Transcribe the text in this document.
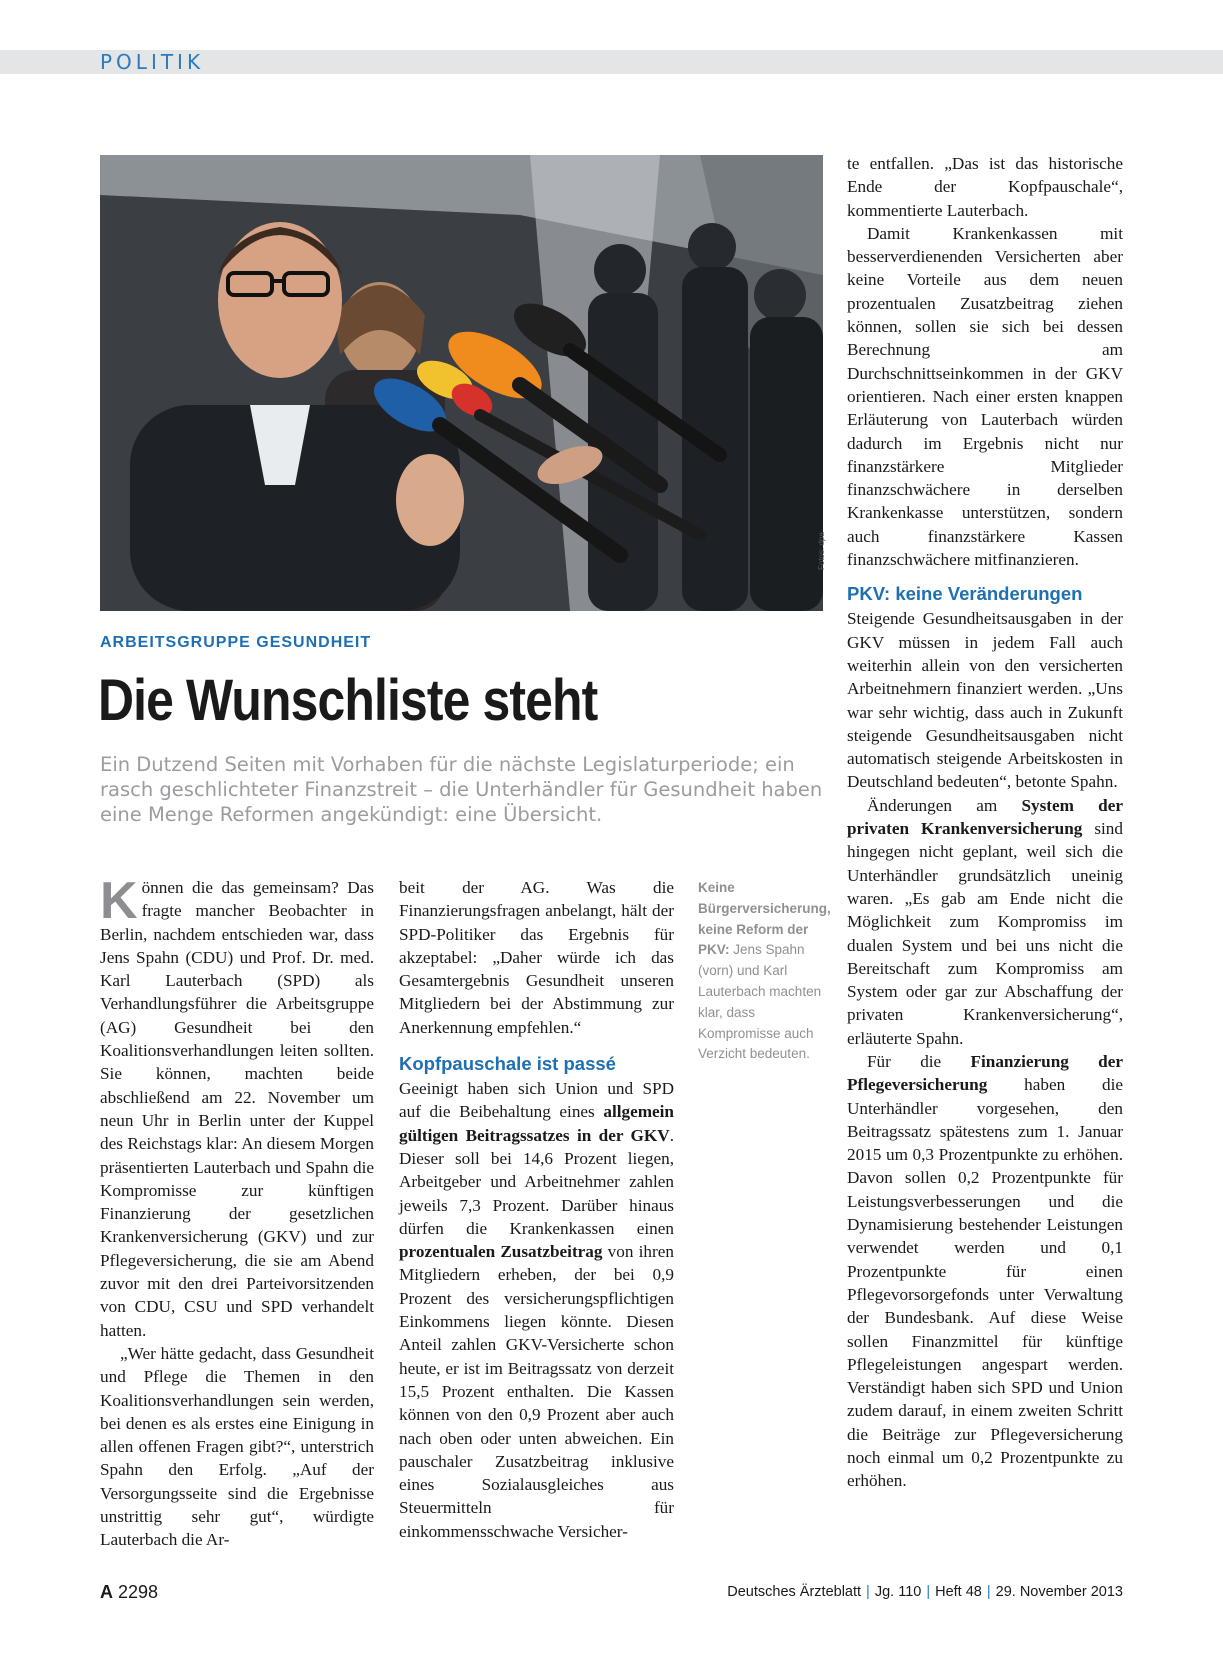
POLITIK
Fotos: dpa
ARBEITSGRUPPE GESUNDHEIT
Die Wunschliste steht
Ein Dutzend Seiten mit Vorhaben für die nächste Legislaturperiode; ein rasch geschlichteter Finanzstreit – die Unterhändler für Gesundheit haben eine Menge Reformen angekündigt: eine Übersicht.

Können die das gemeinsam? Das fragte mancher Beobachter in Berlin, nachdem entschieden war, dass Jens Spahn (CDU) und Prof. Dr. med. Karl Lauterbach (SPD) als Verhandlungsführer die Arbeitsgruppe (AG) Gesundheit bei den Koalitionsverhandlungen leiten sollten. Sie können, machten beide abschließend am 22. November um neun Uhr in Berlin unter der Kuppel des Reichstags klar: An diesem Morgen präsentierten Lauterbach und Spahn die Kompromisse zur künftigen Finanzierung der gesetzlichen Krankenversicherung (GKV) und zur Pflegeversicherung, die sie am Abend zuvor mit den drei Parteivorsitzenden von CDU, CSU und SPD verhandelt hatten.

„Wer hätte gedacht, dass Gesundheit und Pflege die Themen in den Koalitionsverhandlungen sein werden, bei denen es als erstes eine Einigung in allen offenen Fragen gibt?“, unterstrich Spahn den Erfolg. „Auf der Versorgungsseite sind die Ergebnisse unstrittig sehr gut“, würdigte Lauterbach die Ar-

beit der AG. Was die Finanzierungsfragen anbelangt, hält der SPD-Politiker das Ergebnis für akzeptabel: „Daher würde ich das Gesamtergebnis Gesundheit unseren Mitgliedern bei der Abstimmung zur Anerkennung empfehlen.“

Kopfpauschale ist passé

Geeinigt haben sich Union und SPD auf die Beibehaltung eines allgemein gültigen Beitragssatzes in der GKV. Dieser soll bei 14,6 Prozent liegen, Arbeitgeber und Arbeitnehmer zahlen jeweils 7,3 Prozent. Darüber hinaus dürfen die Krankenkassen einen prozentualen Zusatzbeitrag von ihren Mitgliedern erheben, der bei 0,9 Prozent des versicherungspflichtigen Einkommens liegen könnte. Diesen Anteil zahlen GKV-Versicherte schon heute, er ist im Beitragssatz von derzeit 15,5 Prozent enthalten. Die Kassen können von den 0,9 Prozent aber auch nach oben oder unten abweichen. Ein pauschaler Zusatzbeitrag inklusive eines Sozialausgleiches aus Steuermitteln für einkommensschwache Versicher-

Keine Bürgerversicherung, keine Reform der PKV: Jens Spahn (vorn) und Karl Lauterbach machten klar, dass Kompromisse auch Verzicht bedeuten.

te entfallen. „Das ist das historische Ende der Kopfpauschale“, kommentierte Lauterbach.

Damit Krankenkassen mit besserverdienenden Versicherten aber keine Vorteile aus dem neuen prozentualen Zusatzbeitrag ziehen können, sollen sie sich bei dessen Berechnung am Durchschnittseinkommen in der GKV orientieren. Nach einer ersten knappen Erläuterung von Lauterbach würden dadurch im Ergebnis nicht nur finanzstärkere Mitglieder finanzschwächere in derselben Krankenkasse unterstützen, sondern auch finanzstärkere Kassen finanzschwächere mitfinanzieren.

PKV: keine Veränderungen

Steigende Gesundheitsausgaben in der GKV müssen in jedem Fall auch weiterhin allein von den versicherten Arbeitnehmern finanziert werden. „Uns war sehr wichtig, dass auch in Zukunft steigende Gesundheitsausgaben nicht automatisch steigende Arbeitskosten in Deutschland bedeuten“, betonte Spahn.

Änderungen am System der privaten Krankenversicherung sind hingegen nicht geplant, weil sich die Unterhändler grundsätzlich uneinig waren. „Es gab am Ende nicht die Möglichkeit zum Kompromiss im dualen System und bei uns nicht die Bereitschaft zum Kompromiss am System oder gar zur Abschaffung der privaten Krankenversicherung“, erläuterte Spahn.

Für die Finanzierung der Pflegeversicherung haben die Unterhändler vorgesehen, den Beitragssatz spätestens zum 1. Januar 2015 um 0,3 Prozentpunkte zu erhöhen. Davon sollen 0,2 Prozentpunkte für Leistungsverbesserungen und die Dynamisierung bestehender Leistungen verwendet werden und 0,1 Prozentpunkte für einen Pflegevorsorgefonds unter Verwaltung der Bundesbank. Auf diese Weise sollen Finanzmittel für künftige Pflegeleistungen angespart werden. Verständigt haben sich SPD und Union zudem darauf, in einem zweiten Schritt die Beiträge zur Pflegeversicherung noch einmal um 0,2 Prozentpunkte zu erhöhen.

A 2298	Deutsches Ärzteblatt | Jg. 110 | Heft 48 | 29. November 2013
